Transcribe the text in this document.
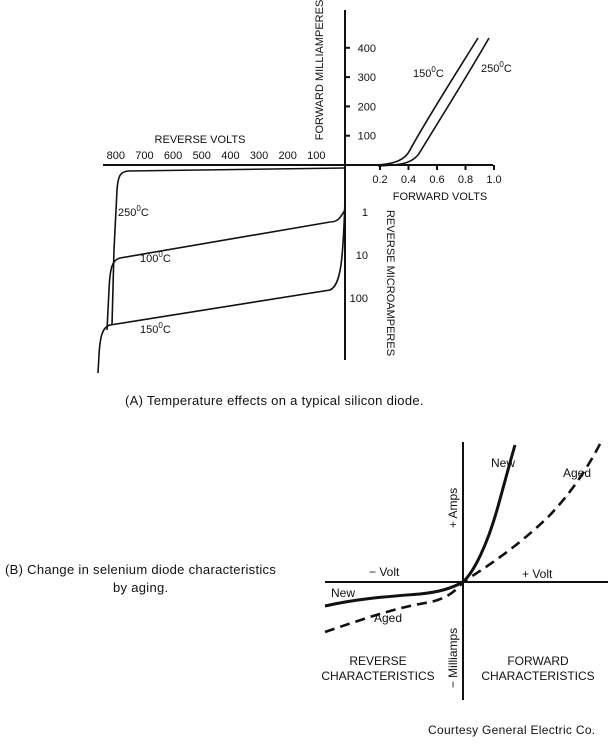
0.2 0.4 0.6 0.8 1.0
FORWARD VOLTS
800 700 600 500 400 300 200 100
REVERSE VOLTS	100
200
300
400
FORWARD MILLIAMPERES
1
10
100 REVERSE MICROAMPERES
$150^0C$	$250^0C$
$250^0C$
$100^0C$
$150^0C$
New
Aged
New
Aged
− Volt	+ Volt
+ Amps
− Milliamps
REVERSE
CHARACTERISTICS
FORWARD
CHARACTERISTICS
(A) Temperature effects on a typical silicon diode.
(B) Change in selenium diode characteristics
by aging.
Courtesy General Electric Co.
